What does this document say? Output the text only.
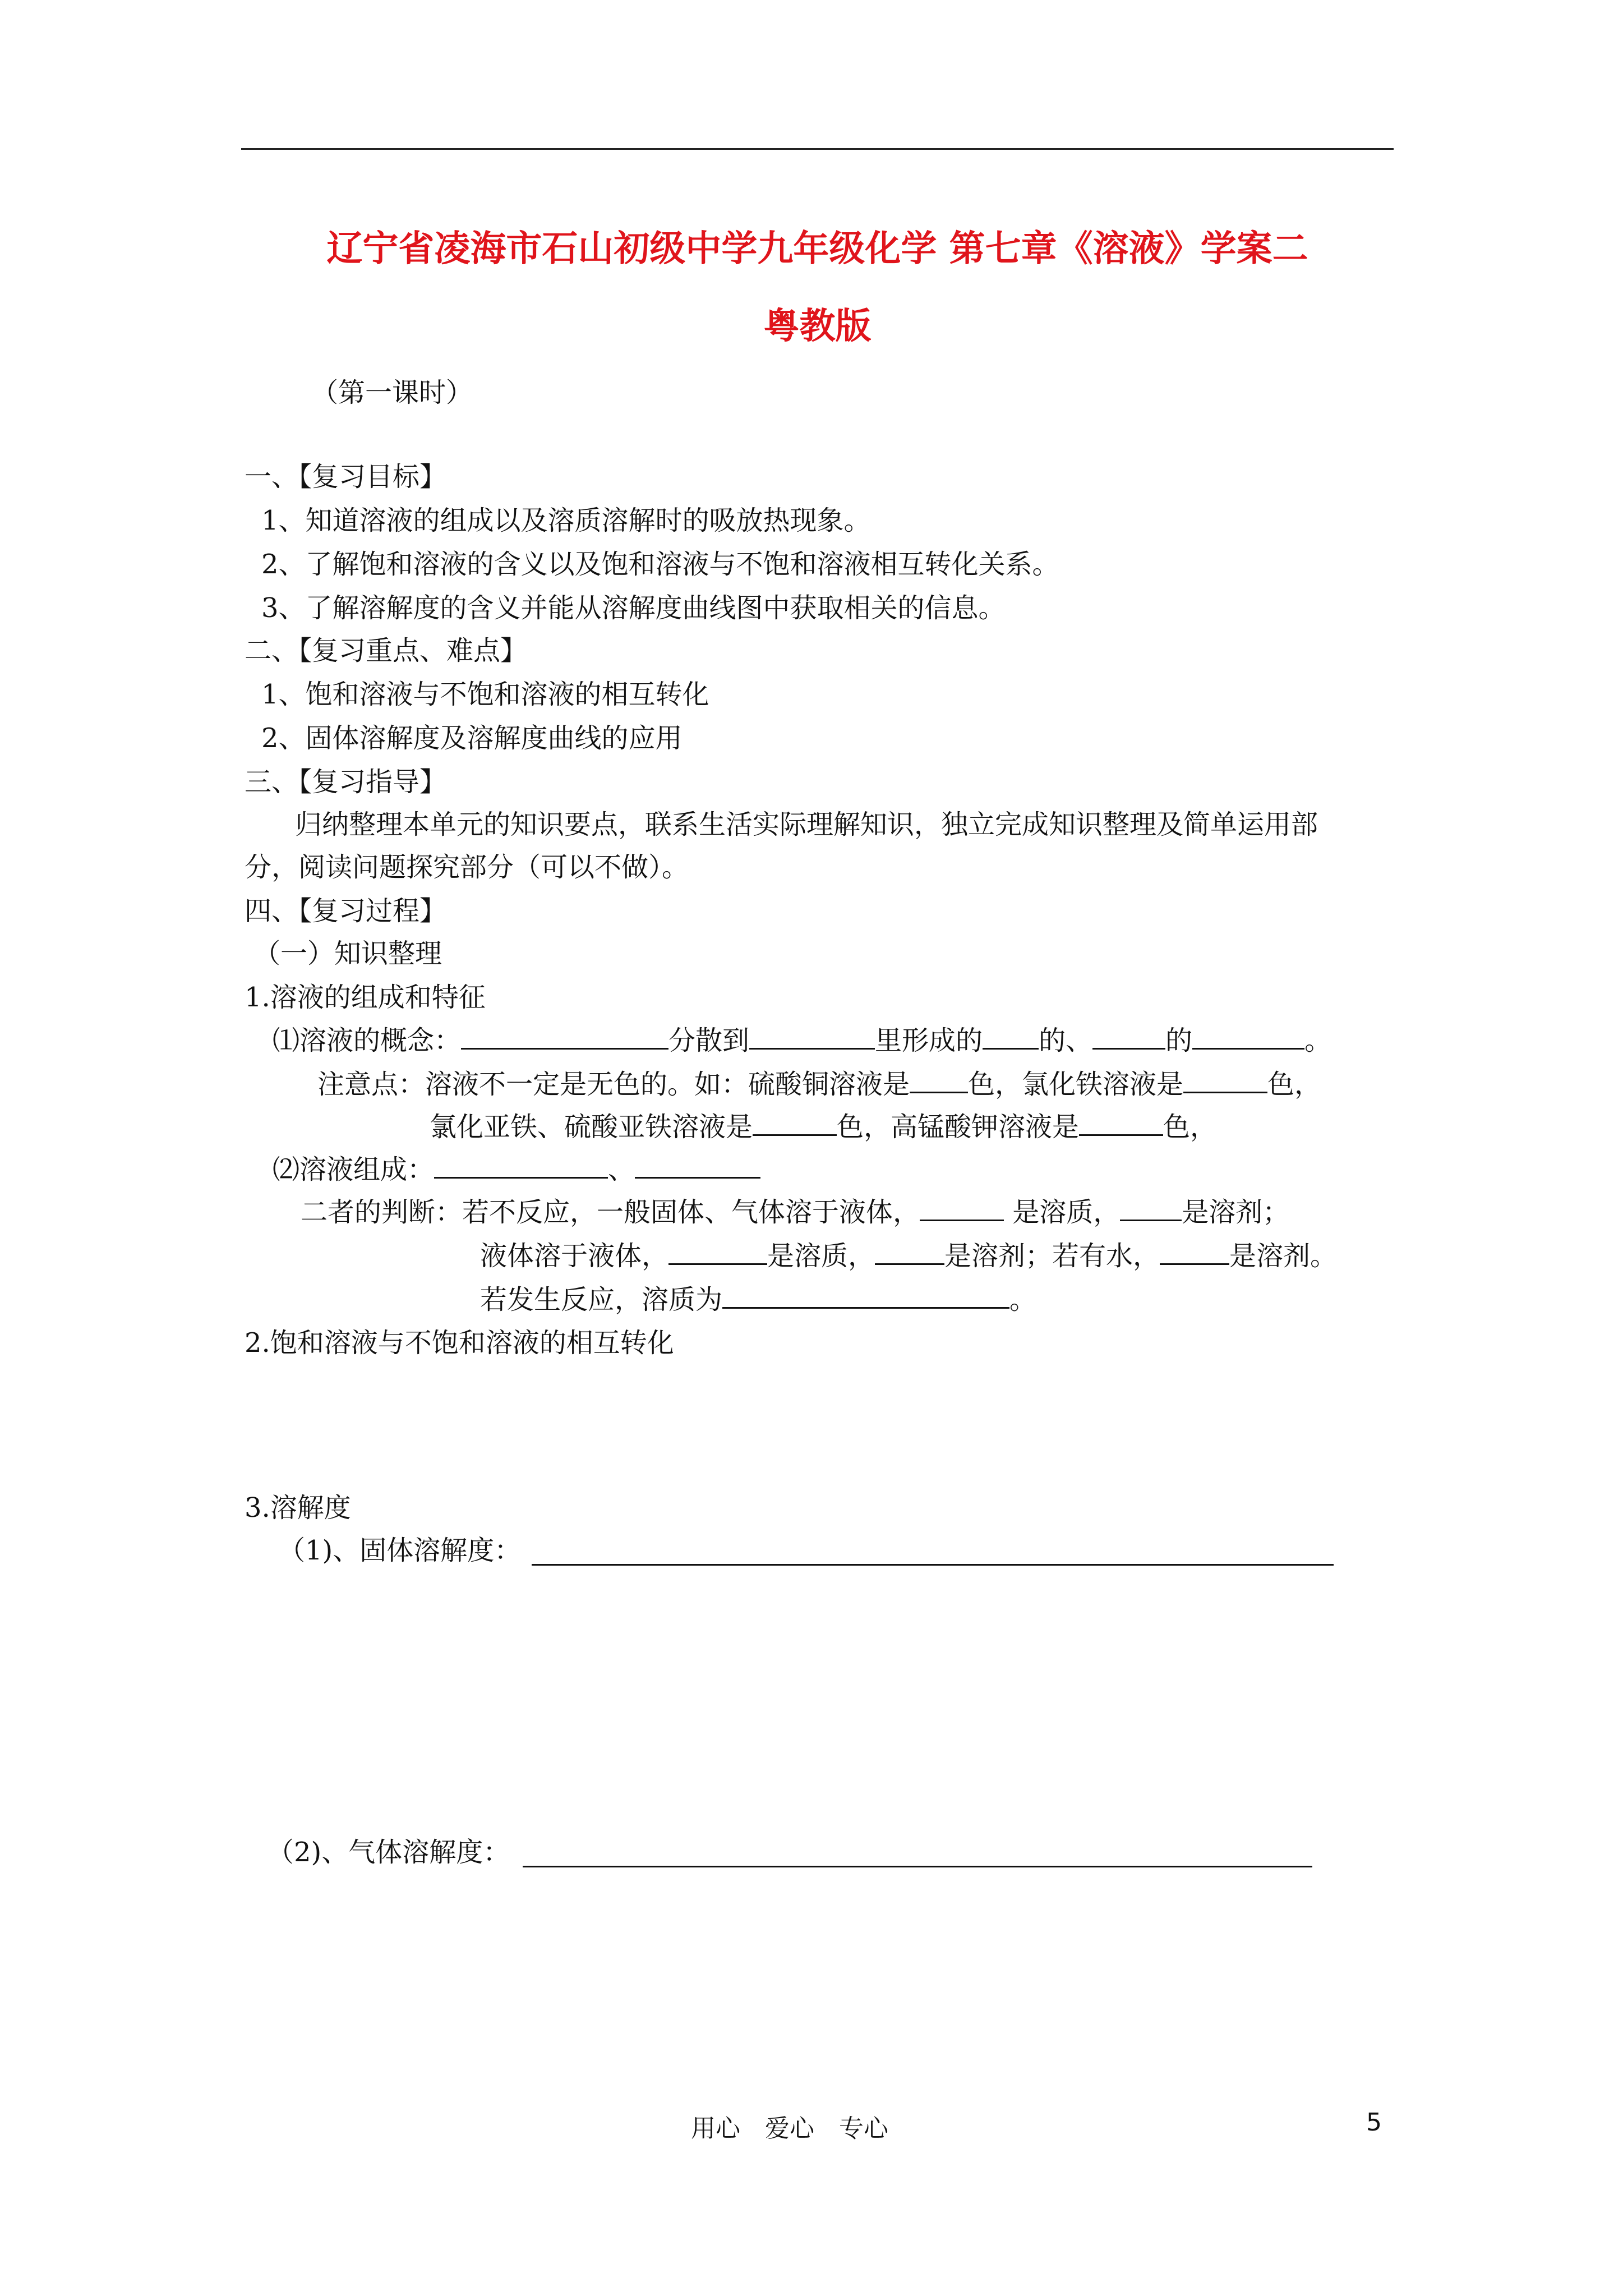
辽宁省凌海市石山初级中学九年级化学 第七章《溶液》学案二
粤教版
（第一课时）
一、【复习目标】
1、知道溶液的组成以及溶质溶解时的吸放热现象。
2、了解饱和溶液的含义以及饱和溶液与不饱和溶液相互转化关系。
3、了解溶解度的含义并能从溶解度曲线图中获取相关的信息。
二、【复习重点、难点】
1、饱和溶液与不饱和溶液的相互转化
2、固体溶解度及溶解度曲线的应用
三、【复习指导】
归纳整理本单元的知识要点，联系生活实际理解知识，独立完成知识整理及简单运用部
分，阅读问题探究部分（可以不做）。
四、【复习过程】
（一）知识整理
1.溶液的组成和特征
⑴溶液的概念：	分散到	里形成的 的、	的	。
注意点：溶液不一定是无色的。如：硫酸铜溶液是 色，氯化铁溶液是	色，
氯化亚铁、硫酸亚铁溶液是	色，高锰酸钾溶液是	色，
⑵溶液组成：	、
二者的判断：若不反应，一般固体、气体溶于液体，	是溶质， 是溶剂；
液体溶于液体，	是溶质，	是溶剂；若有水，	是溶剂。
若发生反应，溶质为	。
2.饱和溶液与不饱和溶液的相互转化
3.溶解度
（1)、固体溶解度：
（2)、气体溶解度：
用心　爱心　专心	5
